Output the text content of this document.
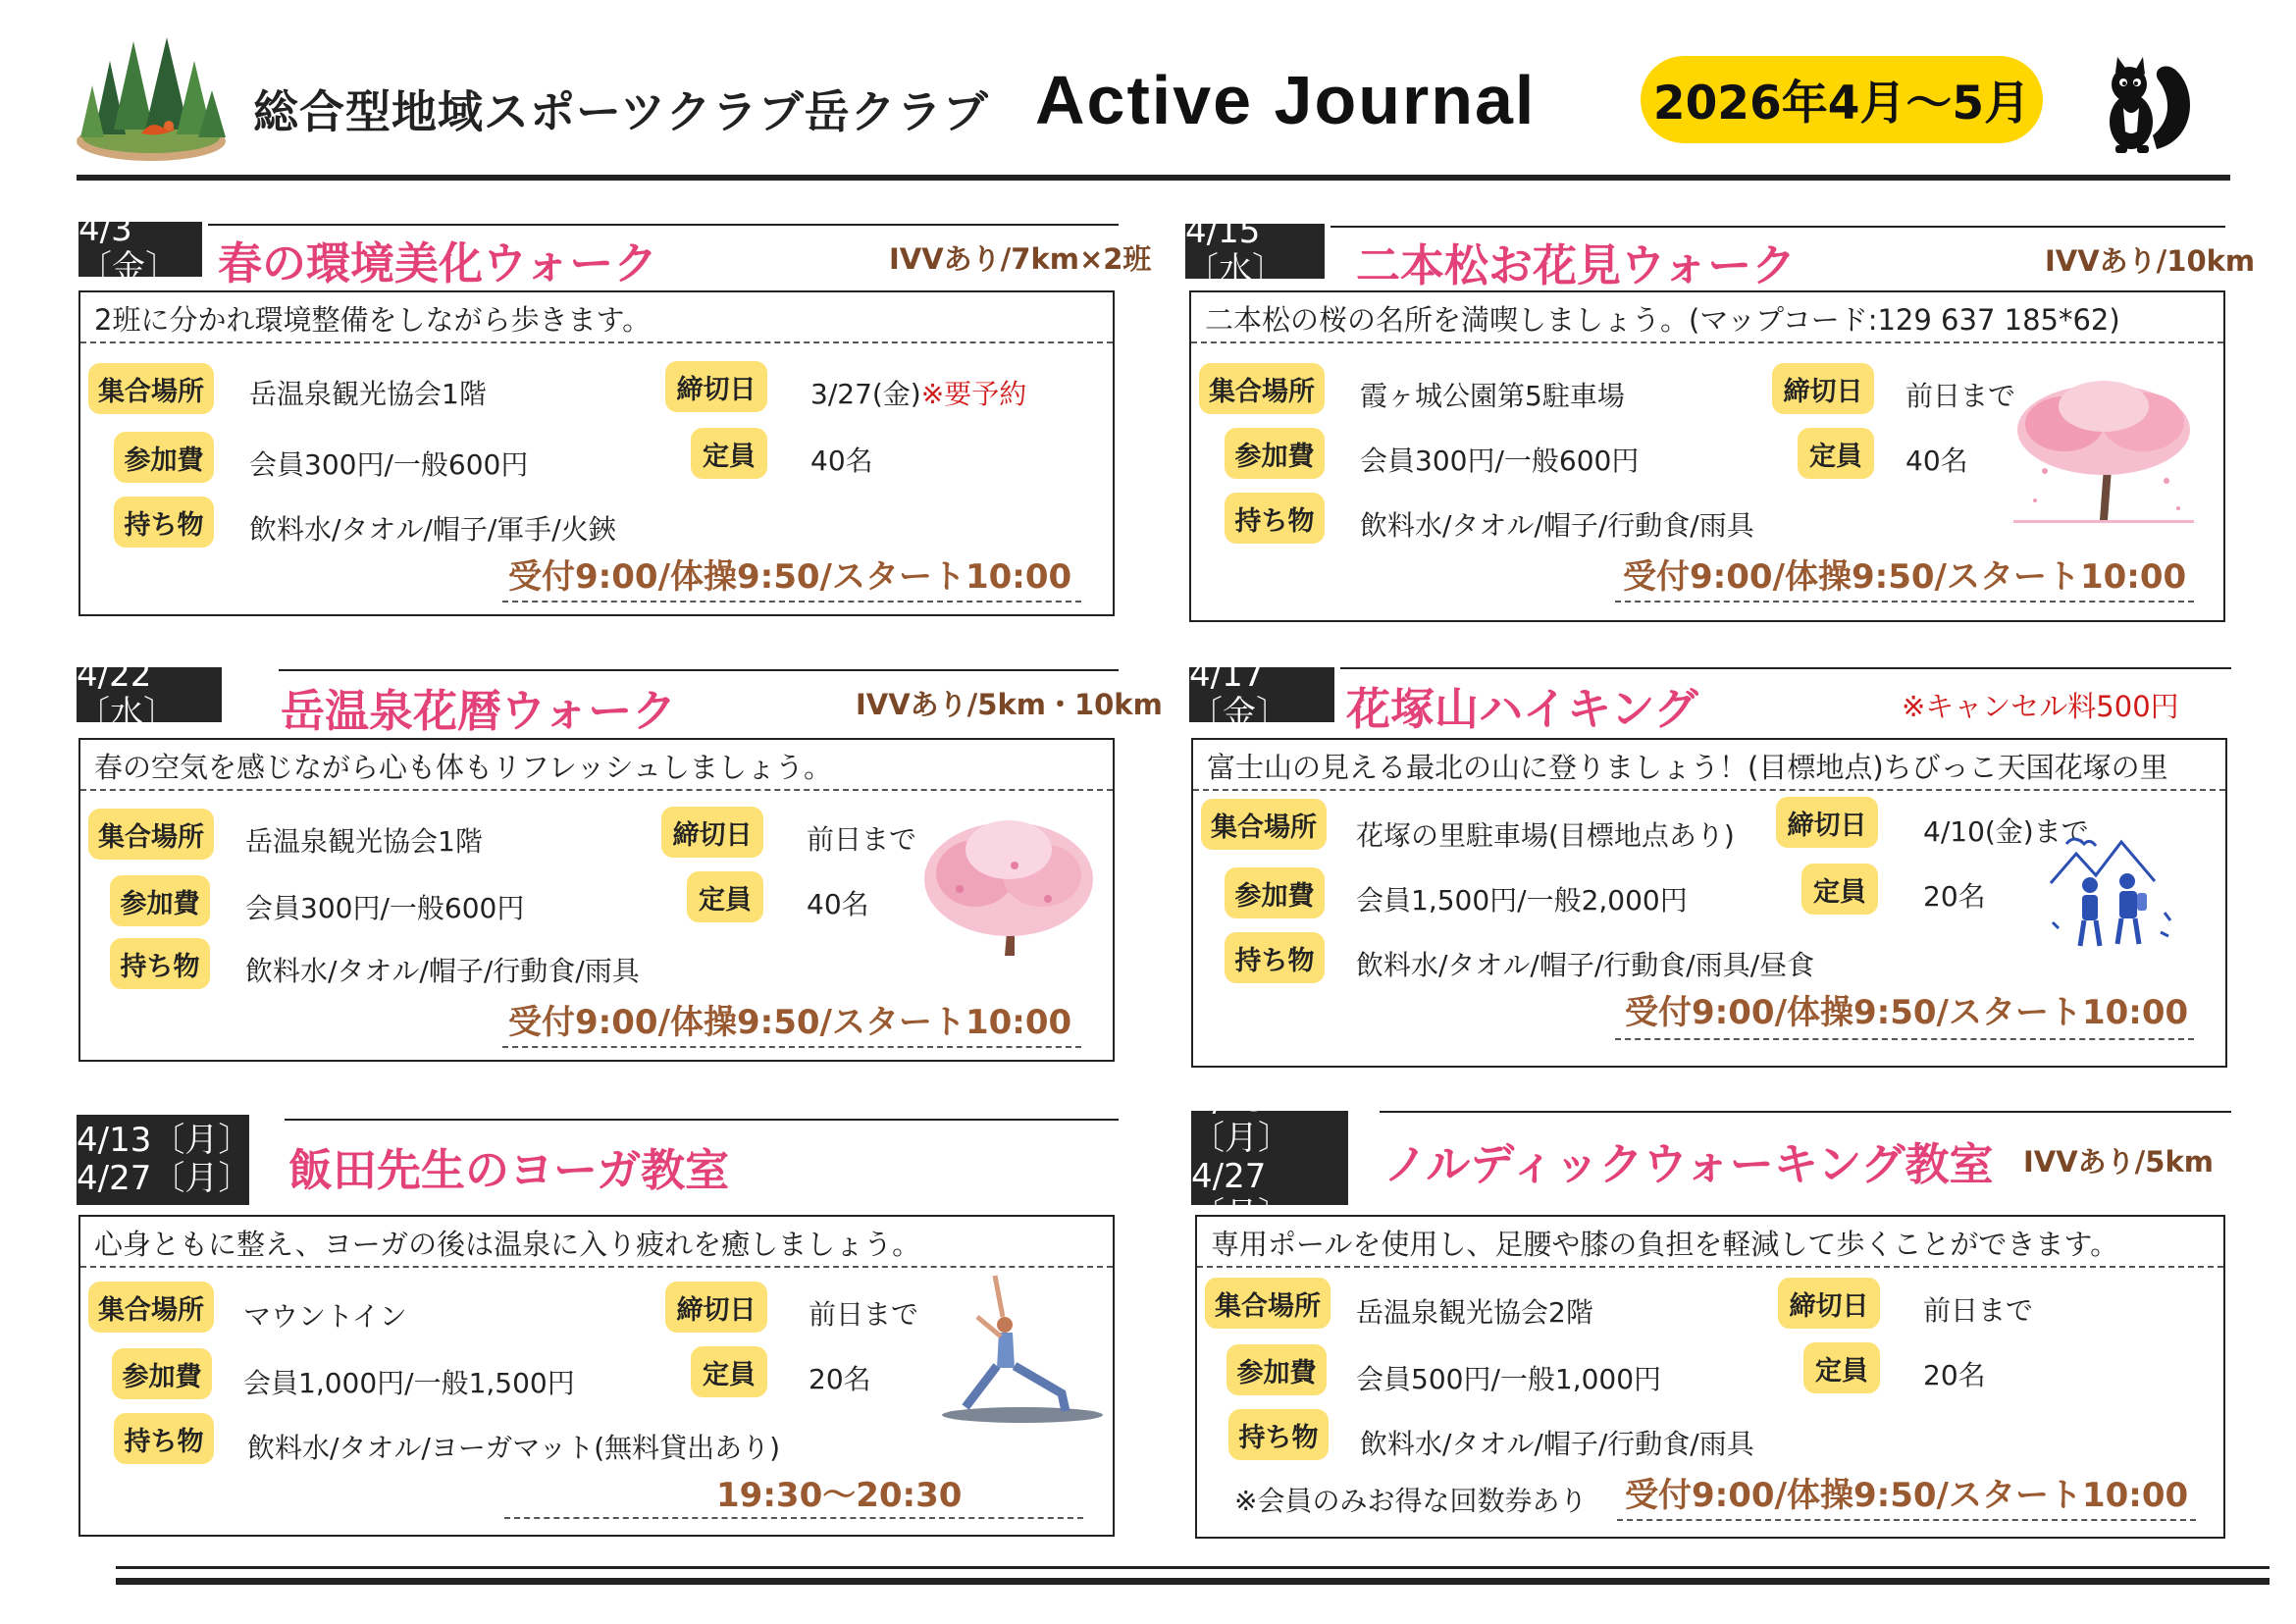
総合型地域スポーツクラブ岳クラブ Active Journal	2026年4月～5月
4/3〔金〕 春の環境美化ウォーク	IVVあり/7km×2班
2班に分かれ環境整備をしながら歩きます。
集合場所	岳温泉観光協会1階	締切日	3/27(金)※要予約
参加費	会員300円/一般600円	定員	40名
持ち物	飲料水/タオル/帽子/軍手/火鋏
受付9:00/体操9:50/スタート10:00
4/15〔水〕	二本松お花見ウォーク	IVVあり/10km
二本松の桜の名所を満喫しましょう。(マップコード:129 637 185*62)
集合場所	霞ヶ城公園第5駐車場	締切日	前日まで
参加費	会員300円/一般600円	定員	40名
持ち物	飲料水/タオル/帽子/行動食/雨具
受付9:00/体操9:50/スタート10:00
4/22〔水〕	岳温泉花暦ウォーク	IVVあり/5km・10km
春の空気を感じながら心も体もリフレッシュしましょう。
集合場所	岳温泉観光協会1階	締切日	前日まで
参加費	会員300円/一般600円	定員	40名
持ち物	飲料水/タオル/帽子/行動食/雨具
受付9:00/体操9:50/スタート10:00
4/17〔金〕	花塚山ハイキング	※キャンセル料500円
富士山の見える最北の山に登りましょう！(目標地点)ちびっこ天国花塚の里
集合場所	花塚の里駐車場(目標地点あり)	締切日	4/10(金)まで
参加費	会員1,500円/一般2,000円	定員	20名
持ち物	飲料水/タオル/帽子/行動食/雨具/昼食
受付9:00/体操9:50/スタート10:00
4/13〔月〕
4/27〔月〕 飯田先生のヨーガ教室
心身ともに整え、ヨーガの後は温泉に入り疲れを癒しましょう。
集合場所	マウントイン	締切日	前日まで
参加費	会員1,000円/一般1,500円	定員	20名
持ち物	飲料水/タオル/ヨーガマット(無料貸出あり)
19:30～20:30
4/13〔月〕
4/27〔月〕
ノルディックウォーキング教室 IVVあり/5km
専用ポールを使用し、足腰や膝の負担を軽減して歩くことができます。
集合場所	岳温泉観光協会2階	締切日	前日まで
参加費	会員500円/一般1,000円	定員	20名
持ち物	飲料水/タオル/帽子/行動食/雨具
※会員のみお得な回数券あり 受付9:00/体操9:50/スタート10:00
